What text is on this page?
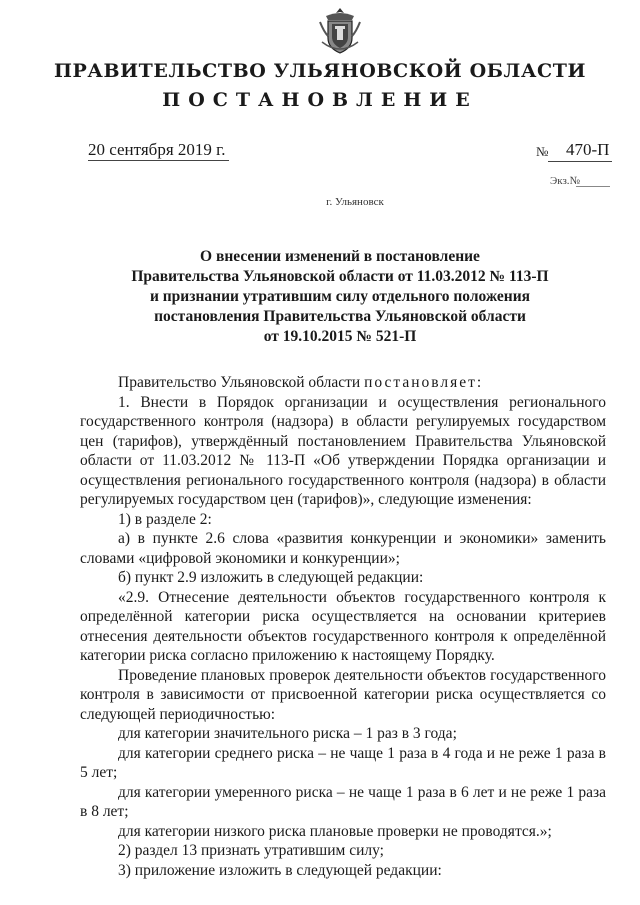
ПРАВИТЕЛЬСТВО УЛЬЯНОВСКОЙ ОБЛАСТИ
ПОСТАНОВЛЕНИЕ
20 сентября 2019 г.	№ 470-П
Экз.№
г. Ульяновск
О внесении изменений в постановление
Правительства Ульяновской области от 11.03.2012 № 113-П
и признании утратившим силу отдельного положения
постановления Правительства Ульяновской области
от 19.10.2015 № 521-П

Правительство Ульяновской области постановляет:

1. Внести в Порядок организации и осуществления регионального государственного контроля (надзора) в области регулируемых государством цен (тарифов), утверждённый постановлением Правительства Ульяновской области от 11.03.2012 № 113-П «Об утверждении Порядка организации и осуществления регионального государственного контроля (надзора) в области регулируемых государством цен (тарифов)», следующие изменения:

1) в разделе 2:

а) в пункте 2.6 слова «развития конкуренции и экономики» заменить словами «цифровой экономики и конкуренции»;

б) пункт 2.9 изложить в следующей редакции:

«2.9. Отнесение деятельности объектов государственного контроля к определённой категории риска осуществляется на основании критериев отнесения деятельности объектов государственного контроля к определённой категории риска согласно приложению к настоящему Порядку.

Проведение плановых проверок деятельности объектов государственного контроля в зависимости от присвоенной категории риска осуществляется со следующей периодичностью:

для категории значительного риска – 1 раз в 3 года;

для категории среднего риска – не чаще 1 раза в 4 года и не реже 1 раза в 5 лет;

для категории умеренного риска – не чаще 1 раза в 6 лет и не реже 1 раза в 8 лет;

для категории низкого риска плановые проверки не проводятся.»;

2) раздел 13 признать утратившим силу;

3) приложение изложить в следующей редакции:
